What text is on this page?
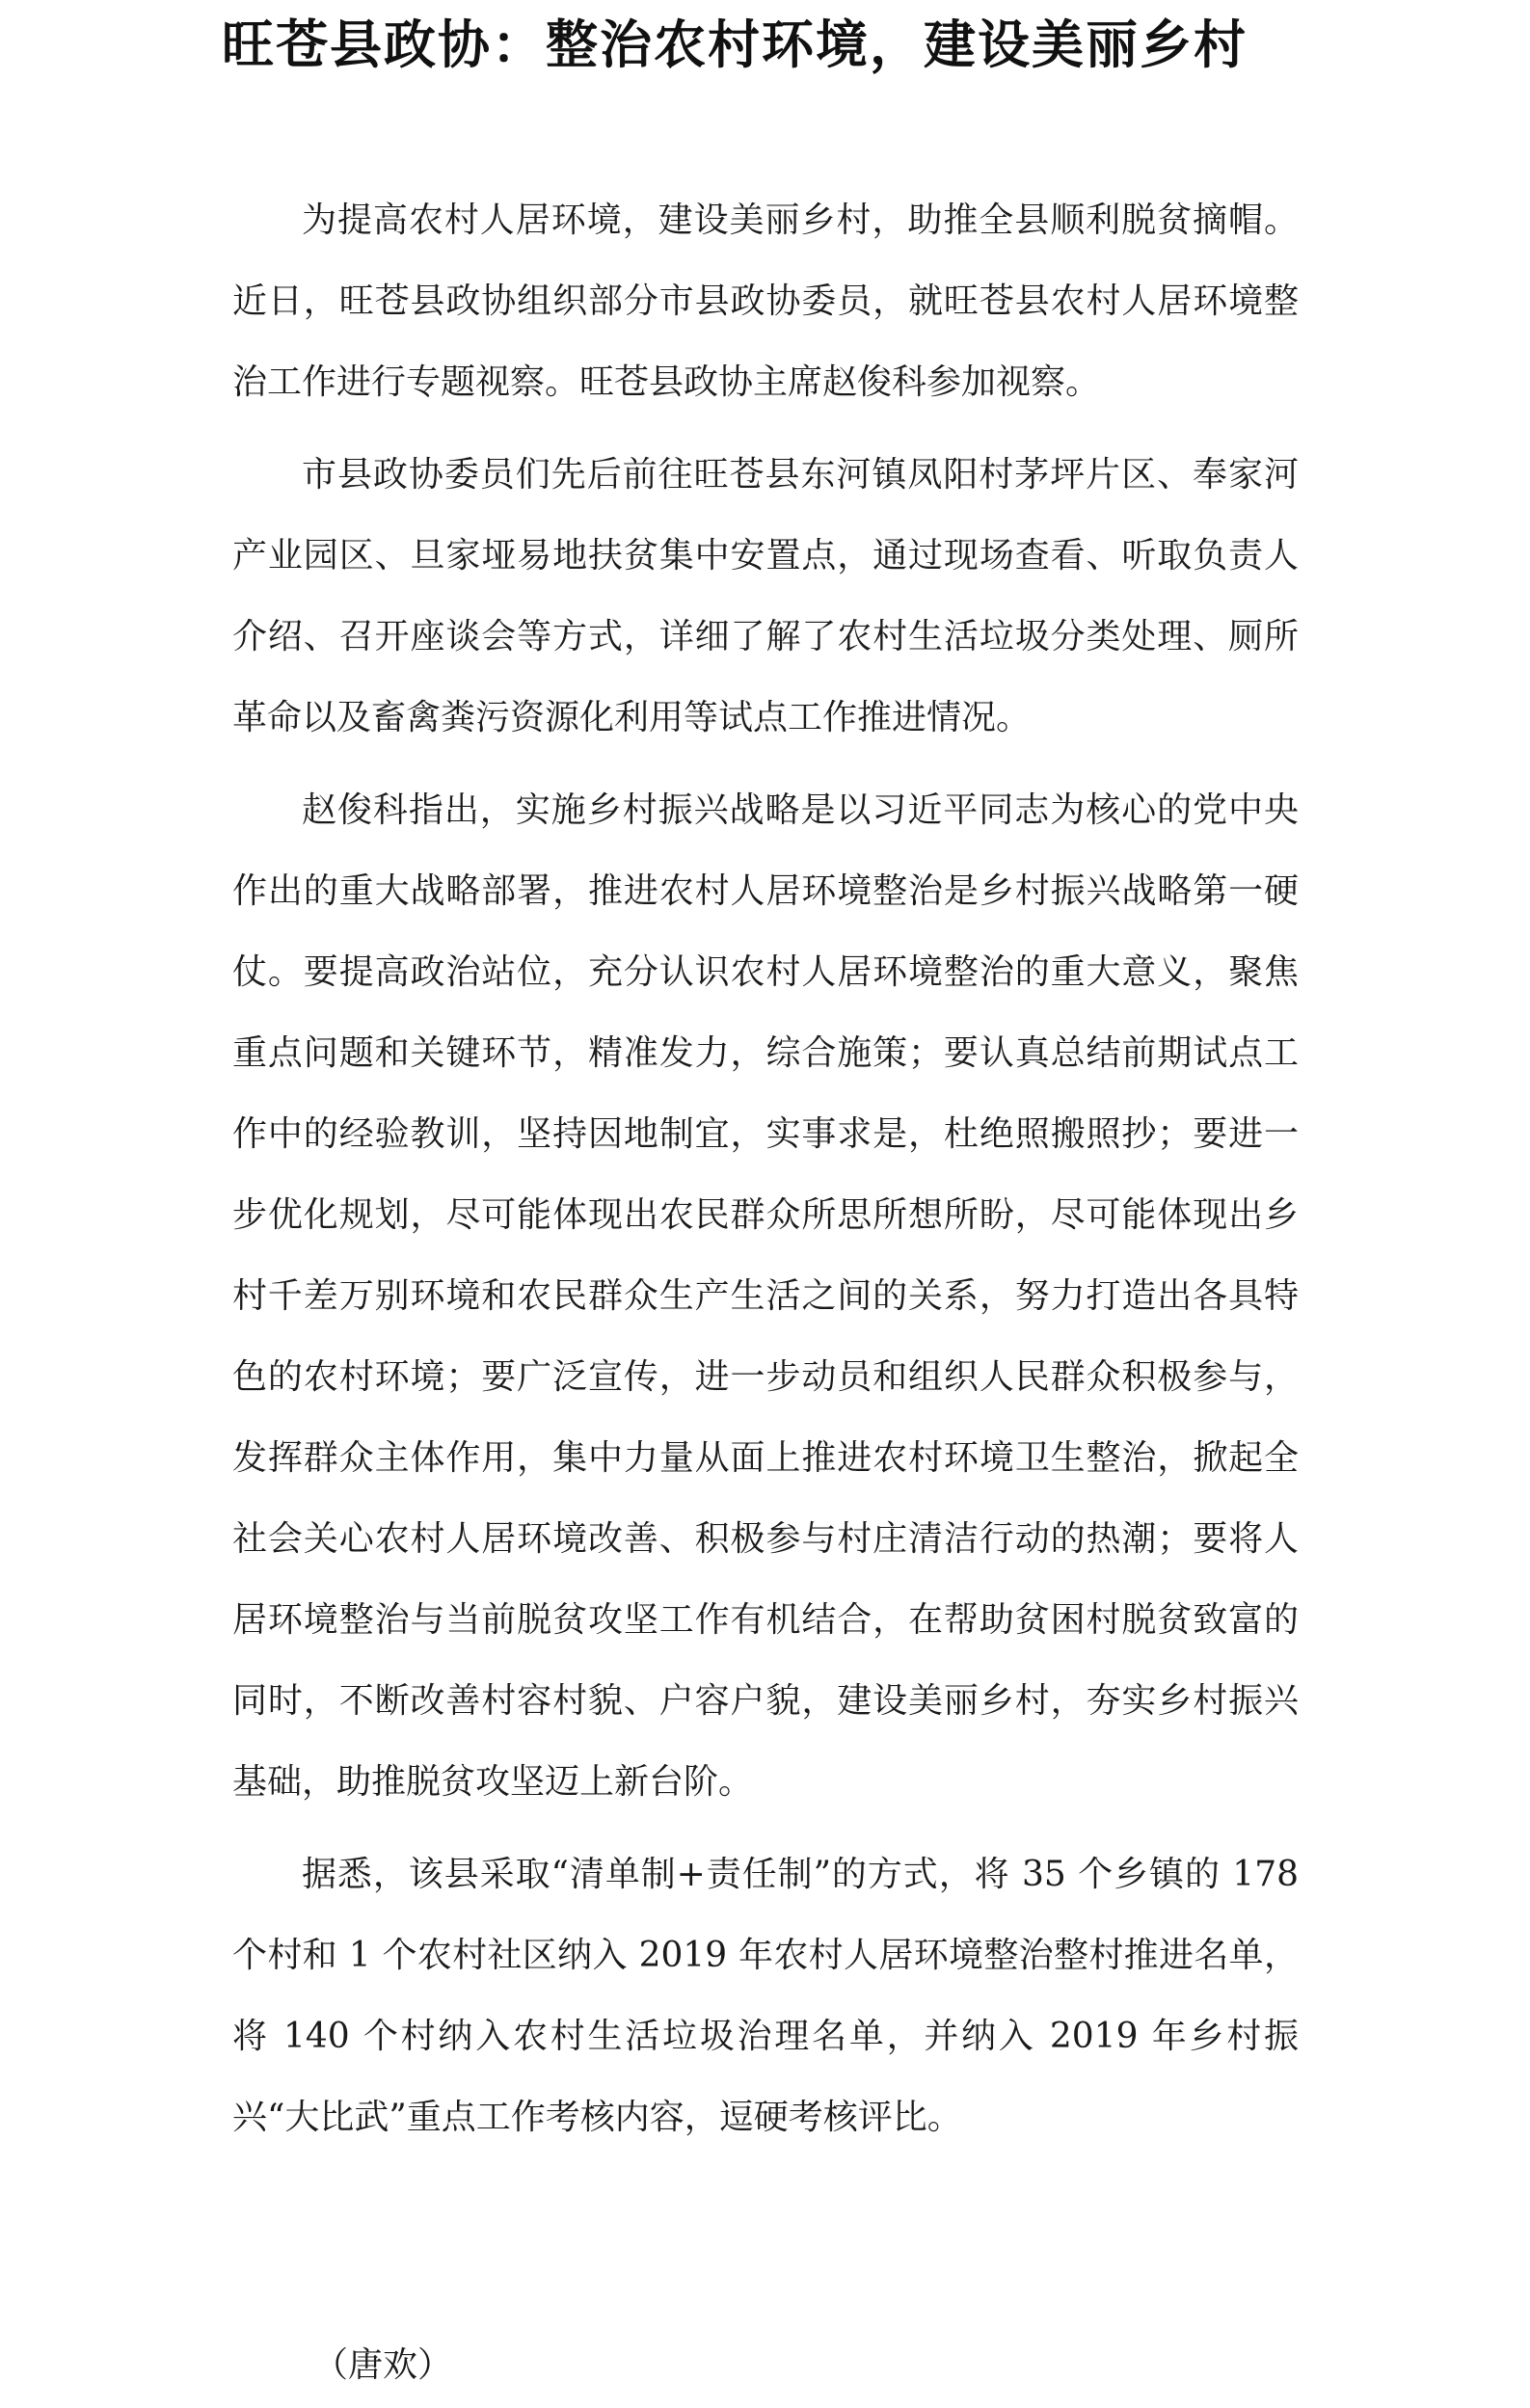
旺苍县政协：整治农村环境，建设美丽乡村

为提高农村人居环境，建设美丽乡村，助推全县顺利脱贫摘帽。近日，旺苍县政协组织部分市县政协委员，就旺苍县农村人居环境整治工作进行专题视察。旺苍县政协主席赵俊科参加视察。

市县政协委员们先后前往旺苍县东河镇凤阳村茅坪片区、奉家河产业园区、旦家垭易地扶贫集中安置点，通过现场查看、听取负责人介绍、召开座谈会等方式，详细了解了农村生活垃圾分类处理、厕所革命以及畜禽粪污资源化利用等试点工作推进情况。

赵俊科指出，实施乡村振兴战略是以习近平同志为核心的党中央作出的重大战略部署，推进农村人居环境整治是乡村振兴战略第一硬仗。要提高政治站位，充分认识农村人居环境整治的重大意义，聚焦重点问题和关键环节，精准发力，综合施策；要认真总结前期试点工作中的经验教训，坚持因地制宜，实事求是，杜绝照搬照抄；要进一步优化规划，尽可能体现出农民群众所思所想所盼，尽可能体现出乡村千差万别环境和农民群众生产生活之间的关系，努力打造出各具特色的农村环境；要广泛宣传，进一步动员和组织人民群众积极参与，发挥群众主体作用，集中力量从面上推进农村环境卫生整治，掀起全社会关心农村人居环境改善、积极参与村庄清洁行动的热潮；要将人居环境整治与当前脱贫攻坚工作有机结合，在帮助贫困村脱贫致富的同时，不断改善村容村貌、户容户貌，建设美丽乡村，夯实乡村振兴基础，助推脱贫攻坚迈上新台阶。

据悉，该县采取“清单制+责任制”的方式，将 35 个乡镇的 178 个村和 1 个农村社区纳入 2019 年农村人居环境整治整村推进名单，将 140 个村纳入农村生活垃圾治理名单，并纳入 2019 年乡村振兴“大比武”重点工作考核内容，逗硬考核评比。

（唐欢）
